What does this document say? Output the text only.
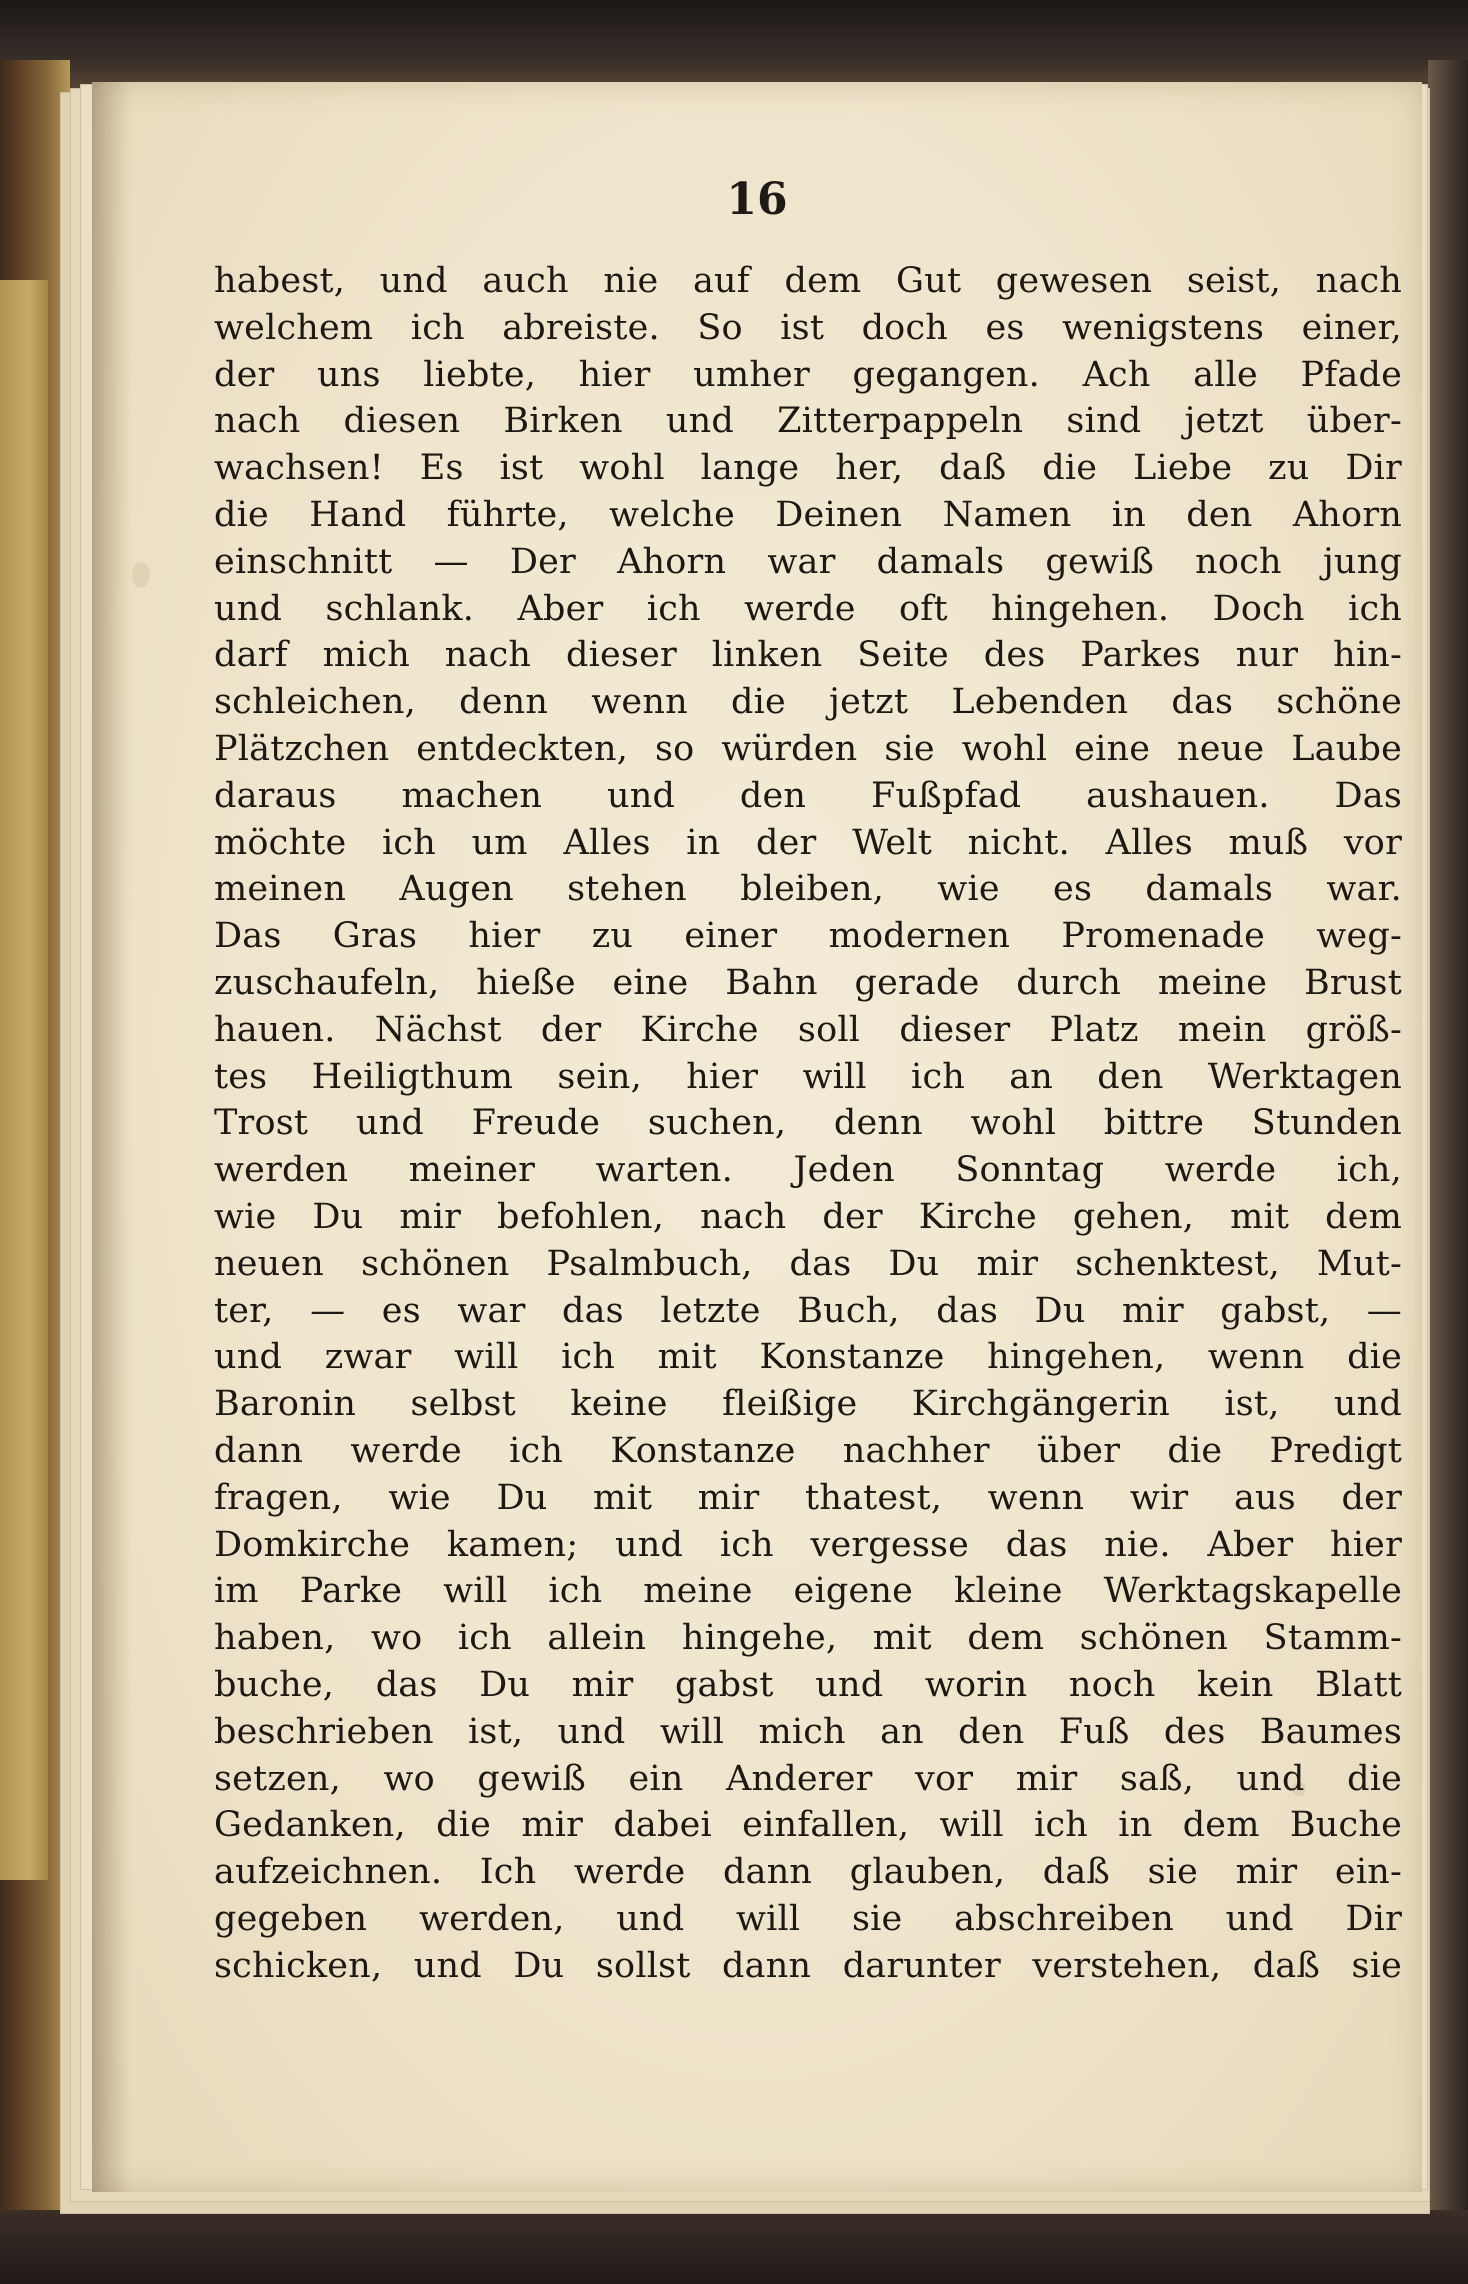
16
habest, und auch nie auf dem Gut gewesen seist, nach
welchem ich abreiste. So ist doch es wenigstens einer,
der uns liebte, hier umher gegangen. Ach alle Pfade
nach diesen Birken und Zitterpappeln sind jetzt über-
wachsen! Es ist wohl lange her, daß die Liebe zu Dir
die Hand führte, welche Deinen Namen in den Ahorn
einschnitt — Der Ahorn war damals gewiß noch jung
und schlank. Aber ich werde oft hingehen. Doch ich
darf mich nach dieser linken Seite des Parkes nur hin-
schleichen, denn wenn die jetzt Lebenden das schöne
Plätzchen entdeckten, so würden sie wohl eine neue Laube
daraus machen und den Fußpfad aushauen. Das
möchte ich um Alles in der Welt nicht. Alles muß vor
meinen Augen stehen bleiben, wie es damals war.
Das Gras hier zu einer modernen Promenade weg-
zuschaufeln, hieße eine Bahn gerade durch meine Brust
hauen. Nächst der Kirche soll dieser Platz mein größ-
tes Heiligthum sein, hier will ich an den Werktagen
Trost und Freude suchen, denn wohl bittre Stunden
werden meiner warten. Jeden Sonntag werde ich,
wie Du mir befohlen, nach der Kirche gehen, mit dem
neuen schönen Psalmbuch, das Du mir schenktest, Mut-
ter, — es war das letzte Buch, das Du mir gabst, —
und zwar will ich mit Konstanze hingehen, wenn die
Baronin selbst keine fleißige Kirchgängerin ist, und
dann werde ich Konstanze nachher über die Predigt
fragen, wie Du mit mir thatest, wenn wir aus der
Domkirche kamen; und ich vergesse das nie. Aber hier
im Parke will ich meine eigene kleine Werktagskapelle
haben, wo ich allein hingehe, mit dem schönen Stamm-
buche, das Du mir gabst und worin noch kein Blatt
beschrieben ist, und will mich an den Fuß des Baumes
setzen, wo gewiß ein Anderer vor mir saß, und die
Gedanken, die mir dabei einfallen, will ich in dem Buche
aufzeichnen. Ich werde dann glauben, daß sie mir ein-
gegeben werden, und will sie abschreiben und Dir
schicken, und Du sollst dann darunter verstehen, daß sie
